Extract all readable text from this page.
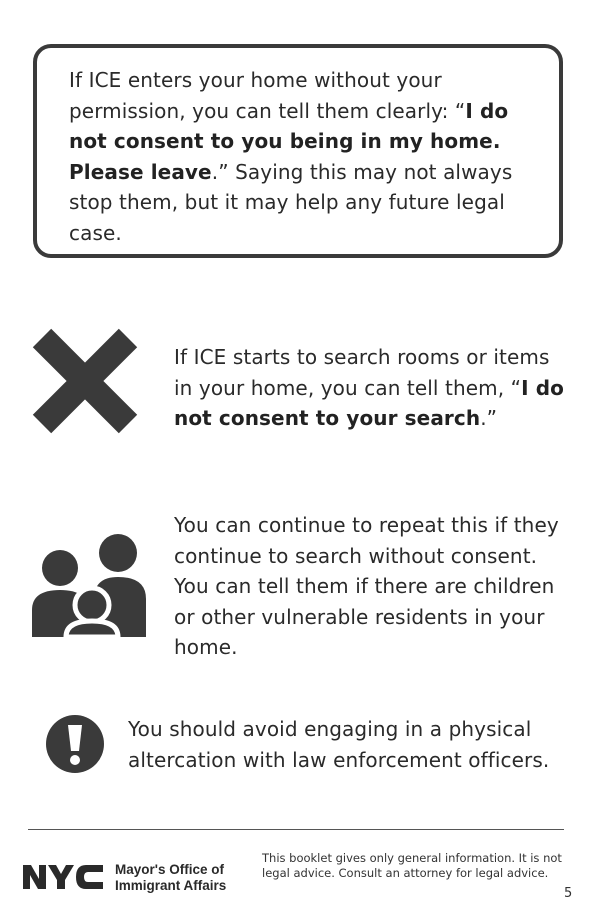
If ICE enters your home without your permission, you can tell them clearly: “I do not consent to you being in my home. Please leave.” Saying this may not always stop them, but it may help any future legal case.
If ICE starts to search rooms or items in your home, you can tell them, “I do not consent to your search.”
You can continue to repeat this if they continue to search without consent. You can tell them if there are children or other vulnerable residents in your home.
You should avoid engaging in a physical altercation with law enforcement officers.
Mayor's Office of
Immigrant Affairs
This booklet gives only general information. It is not legal advice. Consult an attorney for legal advice.
5
